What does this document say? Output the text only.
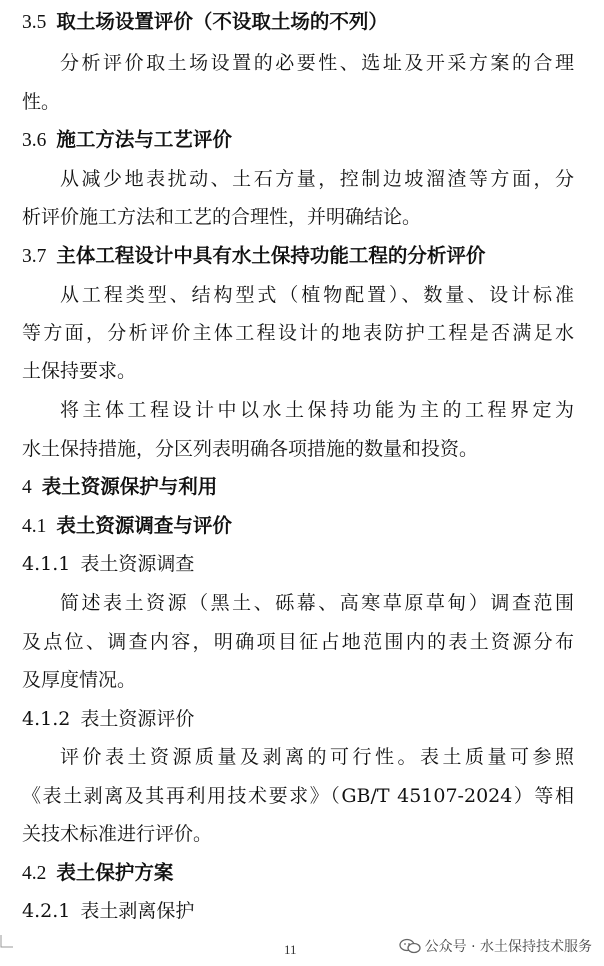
3.5 取土场设置评价（不设取土场的不列）
分析评价取土场设置的必要性、选址及开采方案的合理
性。
3.6 施工方法与工艺评价
从减少地表扰动、土石方量，控制边坡溜渣等方面，分
析评价施工方法和工艺的合理性，并明确结论。
3.7 主体工程设计中具有水土保持功能工程的分析评价
从工程类型、结构型式（植物配置）、数量、设计标准
等方面，分析评价主体工程设计的地表防护工程是否满足水
土保持要求。
将主体工程设计中以水土保持功能为主的工程界定为
水土保持措施，分区列表明确各项措施的数量和投资。
4 表土资源保护与利用
4.1 表土资源调查与评价
4.1.1 表土资源调查
简述表土资源（黑土、砾幕、高寒草原草甸）调查范围
及点位、调查内容，明确项目征占地范围内的表土资源分布
及厚度情况。
4.1.2 表土资源评价
评价表土资源质量及剥离的可行性。表土质量可参照
《表土剥离及其再利用技术要求》（GB/T 45107-2024）等相
关技术标准进行评价。
4.2 表土保护方案
4.2.1 表土剥离保护
11	公众号 · 水土保持技术服务
